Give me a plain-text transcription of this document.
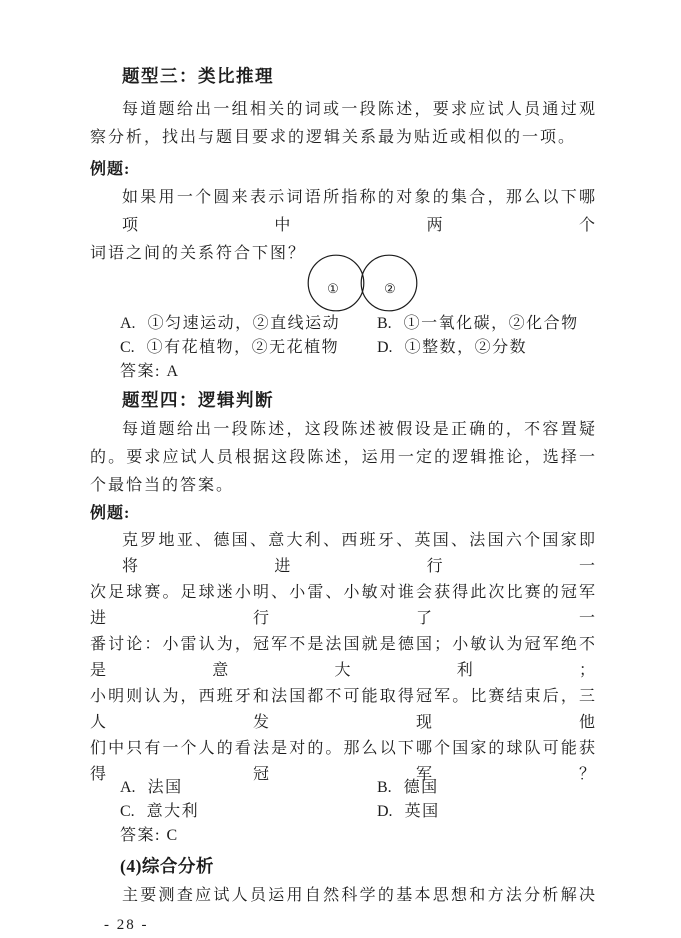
题型三：类比推理
每道题给出一组相关的词或一段陈述，要求应试人员通过观
察分析，找出与题目要求的逻辑关系最为贴近或相似的一项。
例题:
如果用一个圆来表示词语所指称的对象的集合，那么以下哪项中两个
词语之间的关系符合下图？
①	②
A. ①匀速运动，②直线运动	B. ①一氧化碳，②化合物
C. ①有花植物，②无花植物	D. ①整数，②分数
答案: A
题型四：逻辑判断
每道题给出一段陈述，这段陈述被假设是正确的，不容置疑
的。要求应试人员根据这段陈述，运用一定的逻辑推论，选择一
个最恰当的答案。
例题:
克罗地亚、德国、意大利、西班牙、英国、法国六个国家即将进行一
次足球赛。足球迷小明、小雷、小敏对谁会获得此次比赛的冠军进行了一
番讨论：小雷认为，冠军不是法国就是德国；小敏认为冠军绝不是意大利；
小明则认为，西班牙和法国都不可能取得冠军。比赛结束后，三人发现他
们中只有一个人的看法是对的。那么以下哪个国家的球队可能获得冠军？
A. 法国	B. 德国
C. 意大利	D. 英国
答案: C
(4)综合分析
主要测查应试人员运用自然科学的基本思想和方法分析解决
- 28 -
